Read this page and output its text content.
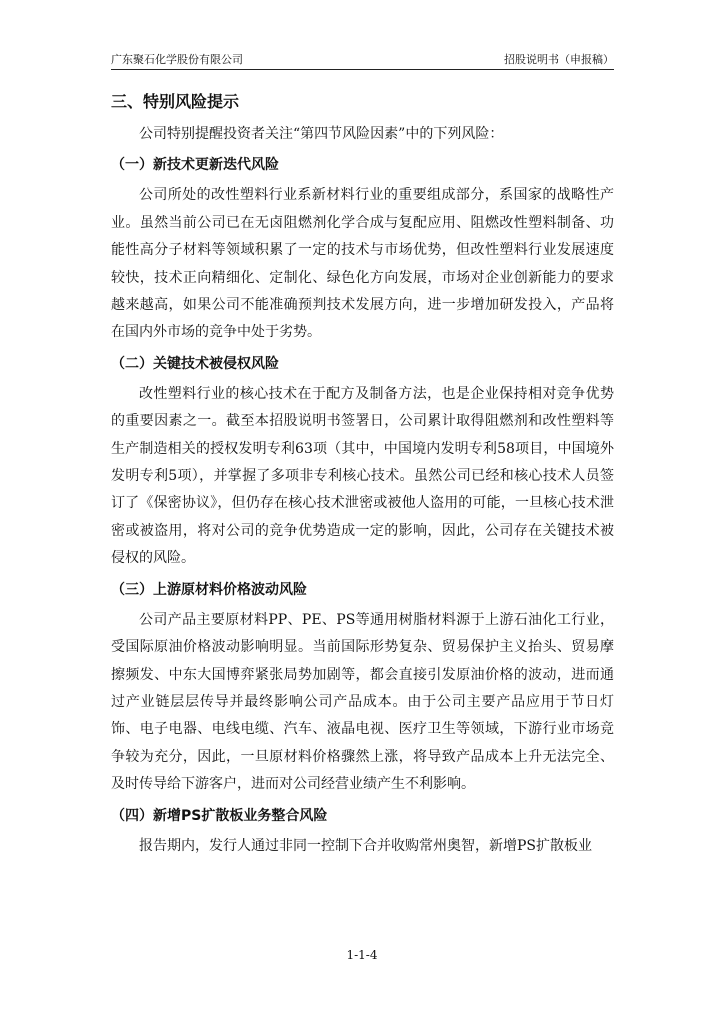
广东聚石化学股份有限公司	招股说明书（申报稿）
三、特别风险提示

公司特别提醒投资者关注“第四节风险因素”中的下列风险：

（一）新技术更新迭代风险

公司所处的改性塑料行业系新材料行业的重要组成部分，系国家的战略性产业。虽然当前公司已在无卤阻燃剂化学合成与复配应用、阻燃改性塑料制备、功能性高分子材料等领域积累了一定的技术与市场优势，但改性塑料行业发展速度较快，技术正向精细化、定制化、绿色化方向发展，市场对企业创新能力的要求越来越高，如果公司不能准确预判技术发展方向，进一步增加研发投入，产品将在国内外市场的竞争中处于劣势。

（二）关键技术被侵权风险

改性塑料行业的核心技术在于配方及制备方法，也是企业保持相对竞争优势的重要因素之一。截至本招股说明书签署日，公司累计取得阻燃剂和改性塑料等生产制造相关的授权发明专利63项（其中，中国境内发明专利58项目，中国境外发明专利5项），并掌握了多项非专利核心技术。虽然公司已经和核心技术人员签订了《保密协议》，但仍存在核心技术泄密或被他人盗用的可能，一旦核心技术泄密或被盗用，将对公司的竞争优势造成一定的影响，因此，公司存在关键技术被侵权的风险。

（三）上游原材料价格波动风险

公司产品主要原材料PP、PE、PS等通用树脂材料源于上游石油化工行业，受国际原油价格波动影响明显。当前国际形势复杂、贸易保护主义抬头、贸易摩擦频发、中东大国博弈紧张局势加剧等，都会直接引发原油价格的波动，进而通过产业链层层传导并最终影响公司产品成本。由于公司主要产品应用于节日灯饰、电子电器、电线电缆、汽车、液晶电视、医疗卫生等领域，下游行业市场竞争较为充分，因此，一旦原材料价格骤然上涨，将导致产品成本上升无法完全、及时传导给下游客户，进而对公司经营业绩产生不利影响。

（四）新增PS扩散板业务整合风险

报告期内，发行人通过非同一控制下合并收购常州奥智，新增PS扩散板业

1-1-4
